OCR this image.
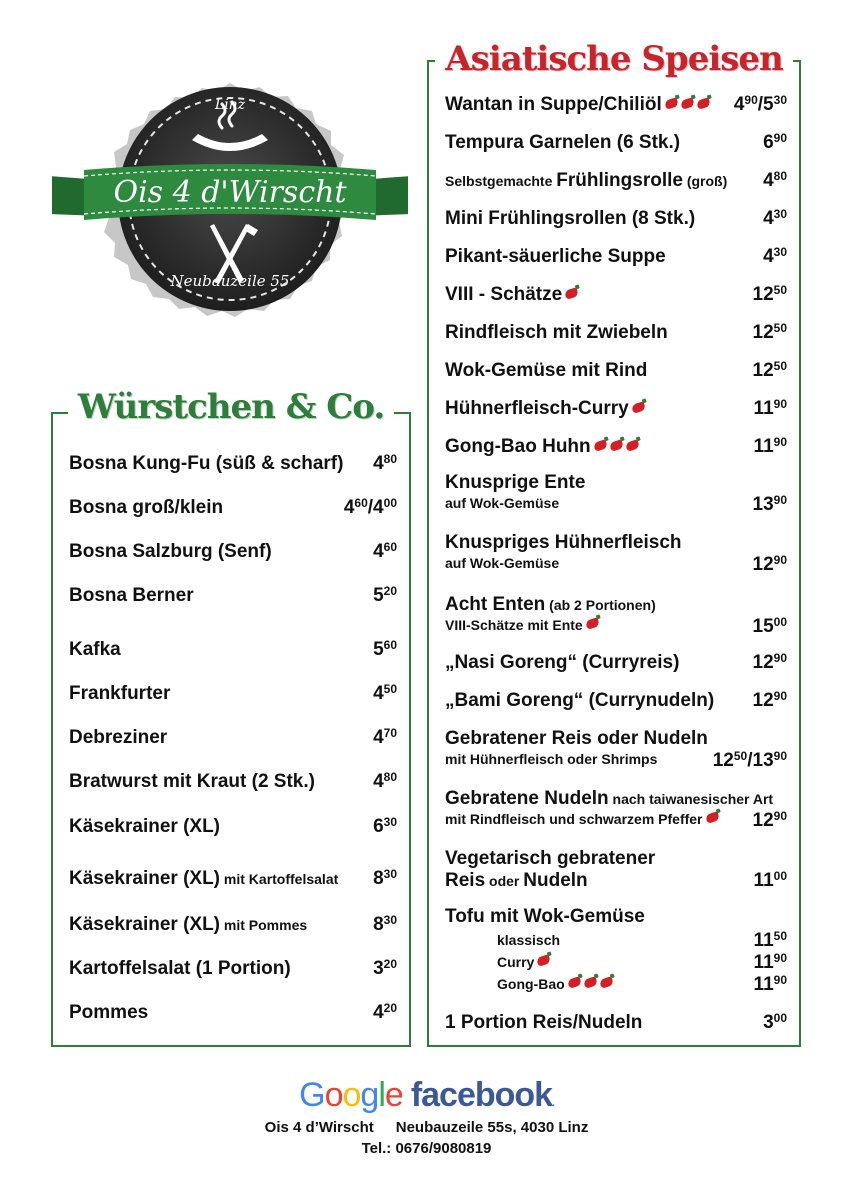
Linz
Ois 4 d'Wirscht
Neubauzeile 55
Würstchen & Co.
Bosna Kung-Fu (süß & scharf) $4^{80}$
Bosna groß/klein	$4^{60}/4^{00}$
Bosna Salzburg (Senf)	$4^{60}$
Bosna Berner	$5^{20}$
Kafka	$5^{60}$
Frankfurter	$4^{50}$
Debreziner	$4^{70}$
Bratwurst mit Kraut (2 Stk.)	$4^{80}$
Käsekrainer (XL)	$6^{30}$
Käsekrainer (XL) mit Kartoffelsalat $8^{30}$
Käsekrainer (XL) mit Pommes	$8^{30}$
Kartoffelsalat (1 Portion)	$3^{20}$
Pommes	$4^{20}$
Asiatische Speisen
Wantan in Suppe/Chiliöl	$4^{90}/5^{30}$
Tempura Garnelen (6 Stk.)	$6^{90}$
Selbstgemachte Frühlingsrolle (groß) $4^{80}$
Mini Frühlingsrollen (8 Stk.)	$4^{30}$
Pikant-säuerliche Suppe	$4^{30}$
VIII - Schätze	$12^{50}$
Rindfleisch mit Zwiebeln	$12^{50}$
Wok-Gemüse mit Rind	$12^{50}$
Hühnerfleisch-Curry	$11^{90}$
Gong-Bao Huhn	$11^{90}$
Knusprige Ente
auf Wok-Gemüse	$13^{90}$
Knuspriges Hühnerfleisch
auf Wok-Gemüse	$12^{90}$
Acht Enten (ab 2 Portionen)
VIII-Schätze mit Ente	$15^{00}$
„Nasi Goreng“ (Curryreis)	$12^{90}$
„Bami Goreng“ (Currynudeln) $12^{90}$
Gebratener Reis oder Nudeln
mit Hühnerfleisch oder Shrimps	$12^{50}/13^{90}$
Gebratene Nudeln nach taiwanesischer Art
mit Rindfleisch und schwarzem Pfeffer	$12^{90}$
Vegetarisch gebratener
Reis oder Nudeln	$11^{00}$
Tofu mit Wok-Gemüse
klassisch	$11^{50}$
Curry	$11^{90}$
Gong-Bao	$11^{90}$
1 Portion Reis/Nudeln	$3^{00}$
Google facebook.
Ois 4 d’Wirscht Neubauzeile 55s, 4030 Linz
Tel.: 0676/9080819
